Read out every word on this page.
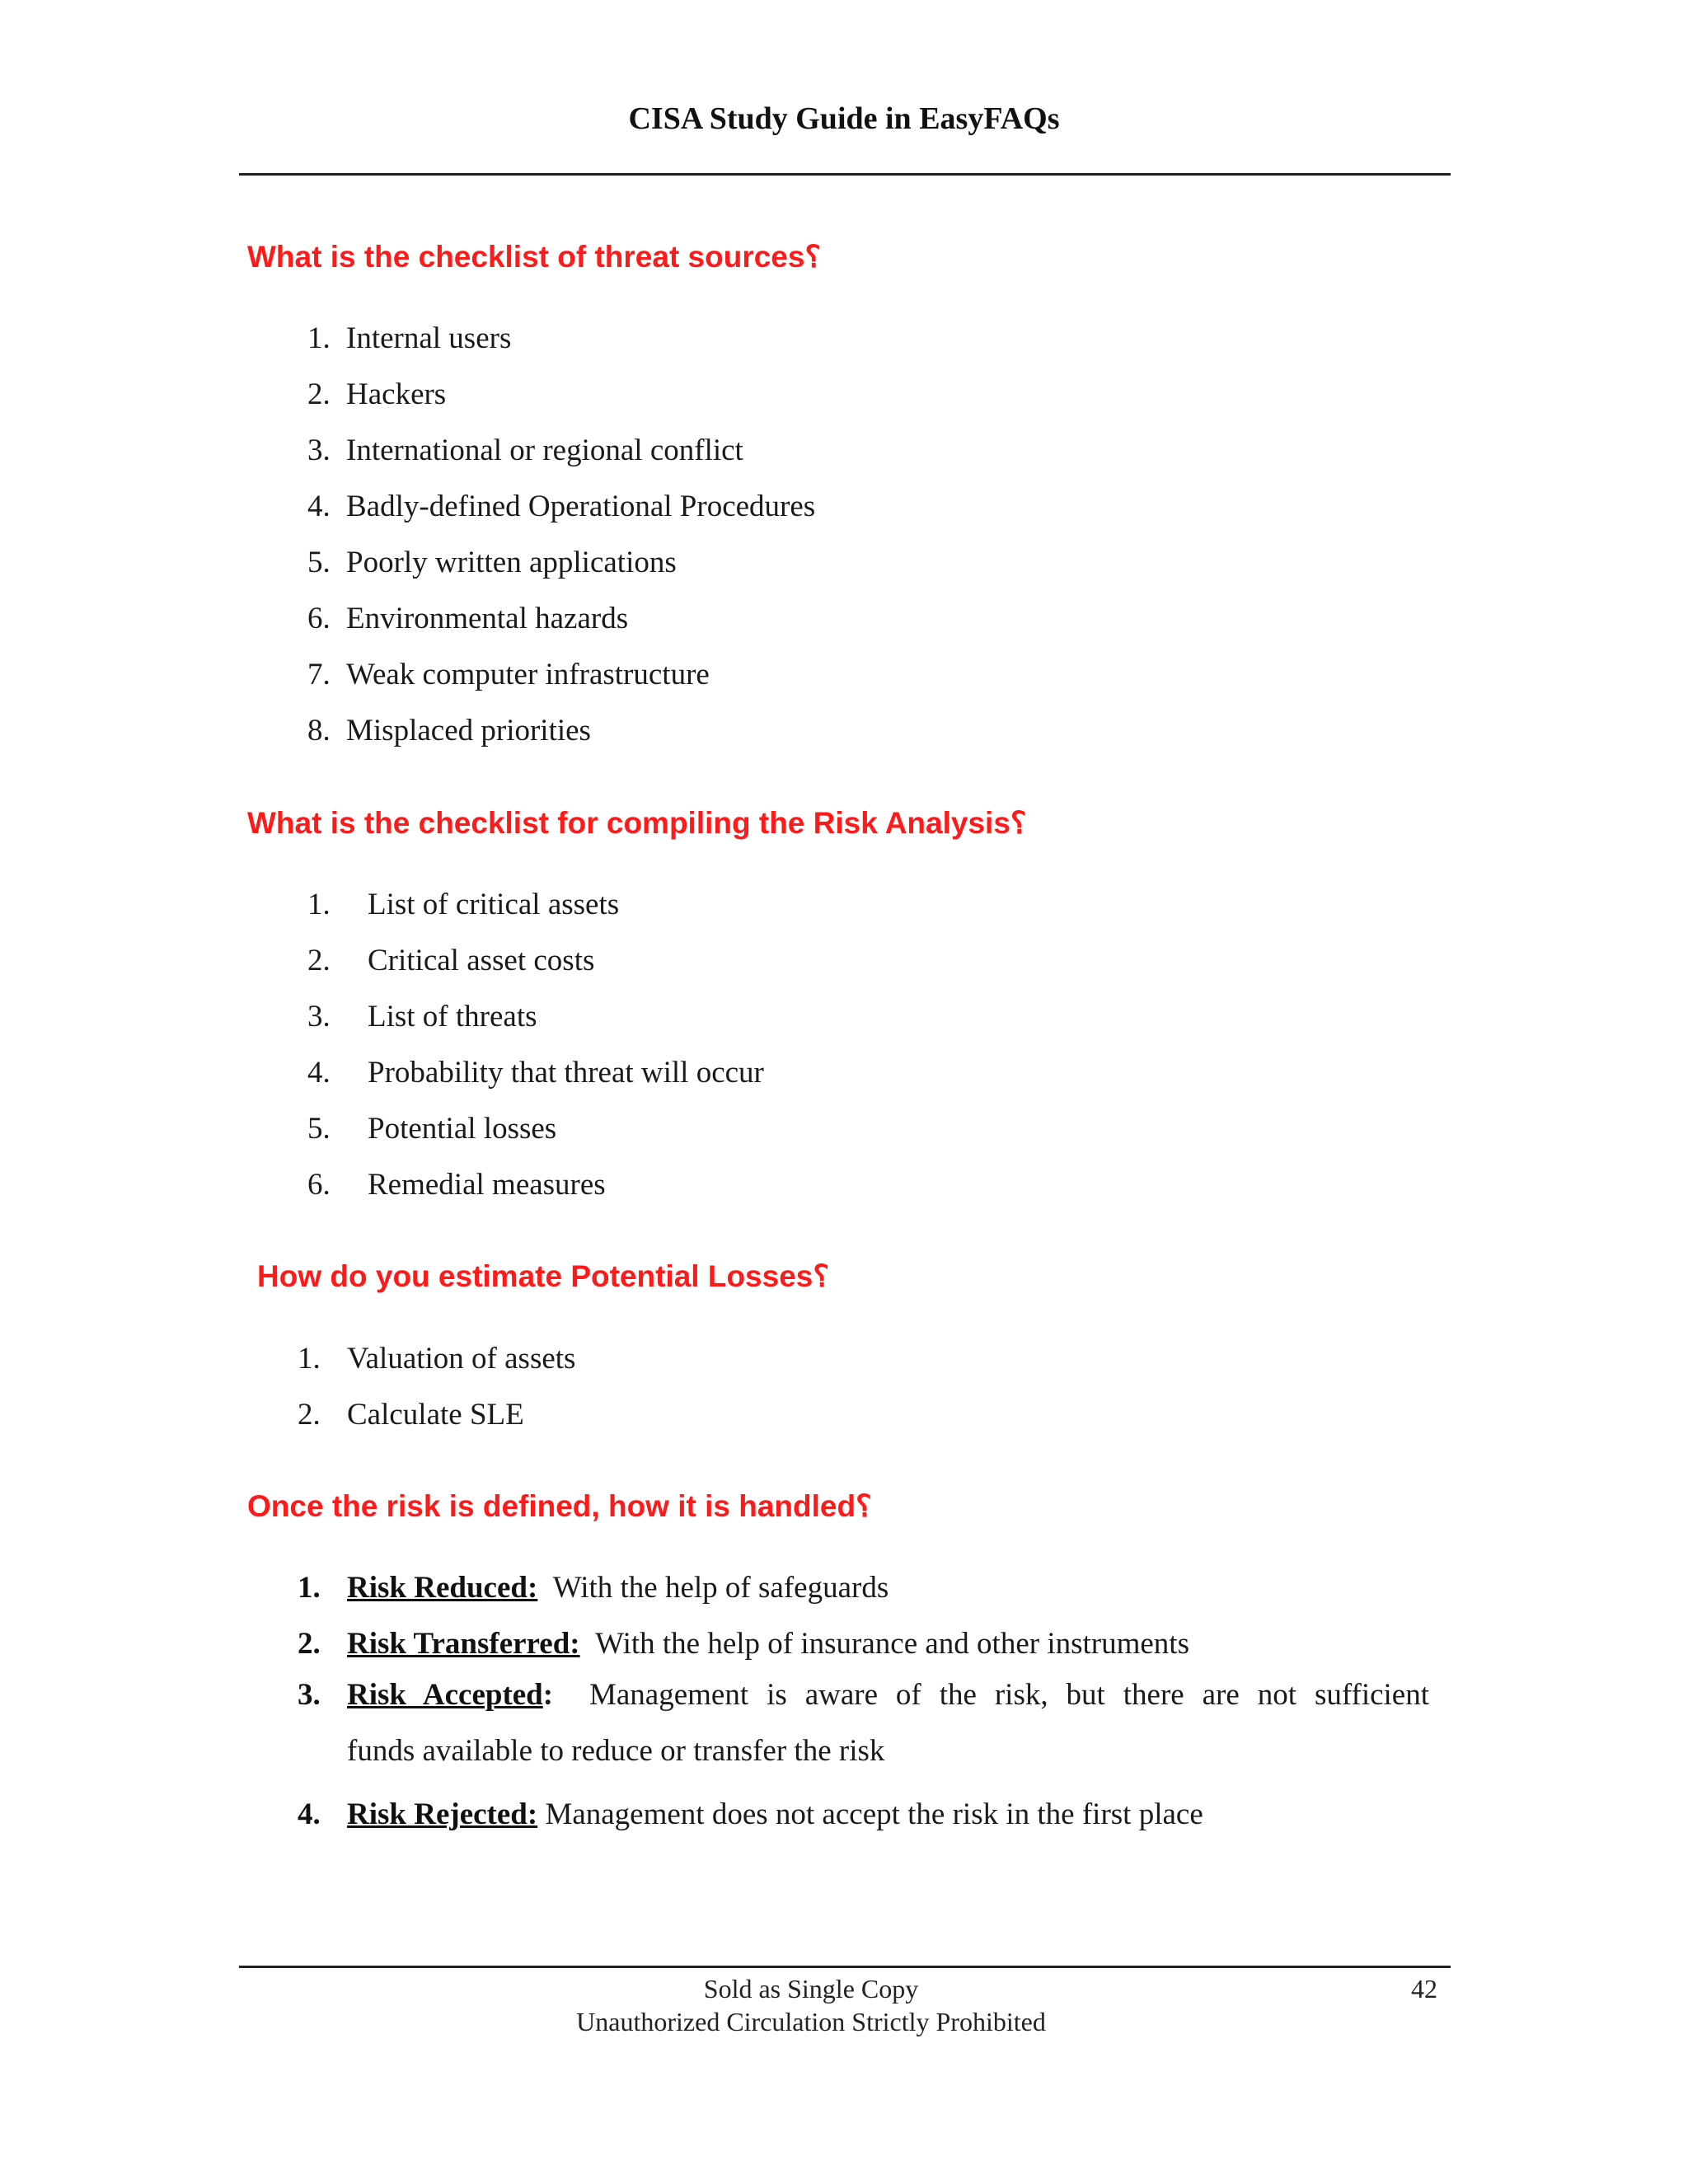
CISA Study Guide in EasyFAQs
What is the checklist of threat sources؟
1. Internal users
2. Hackers
3. International or regional conflict
4. Badly-defined Operational Procedures
5. Poorly written applications
6. Environmental hazards
7. Weak computer infrastructure
8. Misplaced priorities
What is the checklist for compiling the Risk Analysis؟
1. List of critical assets
2. Critical asset costs
3. List of threats
4. Probability that threat will occur
5. Potential losses
6. Remedial measures
How do you estimate Potential Losses؟
1. Valuation of assets
2. Calculate SLE
Once the risk is defined, how it is handled؟
1. Risk Reduced: With the help of safeguards
2. Risk Transferred: With the help of insurance and other instruments
3. Risk Accepted: Management is aware of the risk, but there are not sufficient
funds available to reduce or transfer the risk
4. Risk Rejected: Management does not accept the risk in the first place
Sold as Single Copy
Unauthorized Circulation Strictly Prohibited
42
